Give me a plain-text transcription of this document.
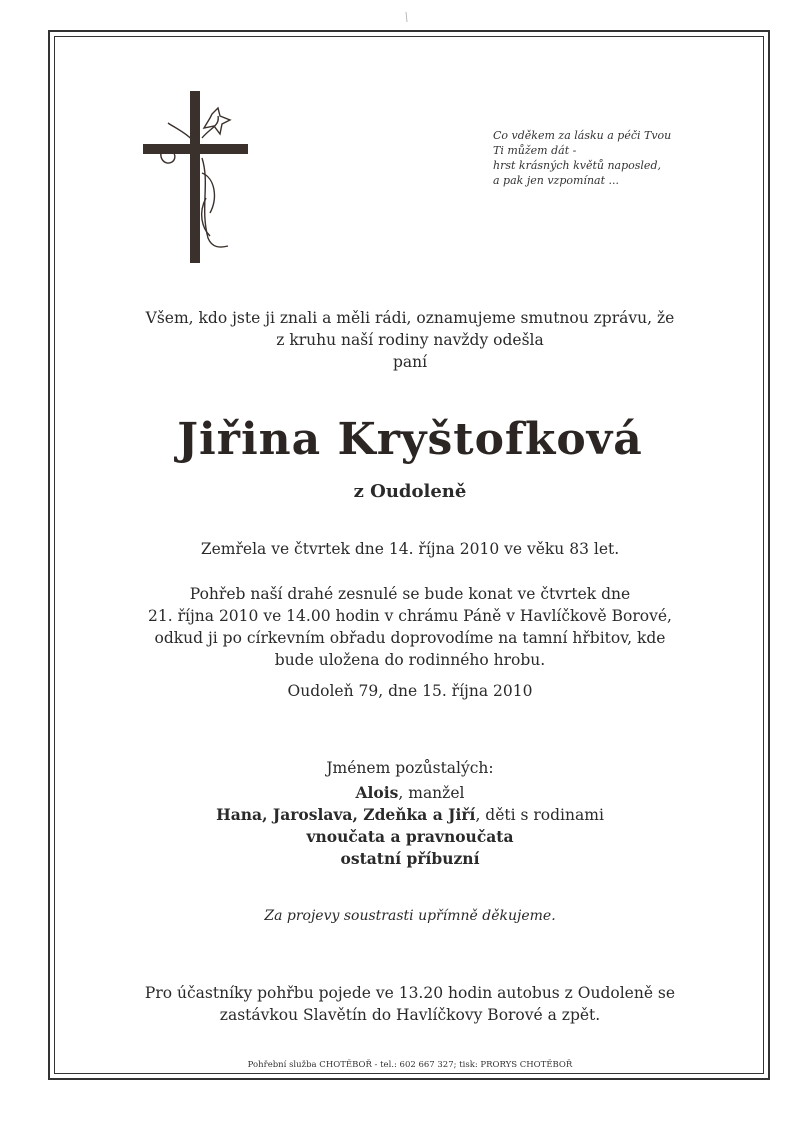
Co vděkem za lásku a péči Tvou
Ti můžem dát -
hrst krásných květů naposled,
a pak jen vzpomínat ...
Všem, kdo jste ji znali a měli rádi, oznamujeme smutnou zprávu, že
z kruhu naší rodiny navždy odešla
paní
Jiřina Kryštofková
z Oudoleně
Zemřela ve čtvrtek dne 14. října 2010 ve věku 83 let.
Pohřeb naší drahé zesnulé se bude konat ve čtvrtek dne
21. října 2010 ve 14.00 hodin v chrámu Páně v Havlíčkově Borové,
odkud ji po církevním obřadu doprovodíme na tamní hřbitov, kde
bude uložena do rodinného hrobu.
Oudoleň 79, dne 15. října 2010
Jménem pozůstalých:
Alois, manžel
Hana, Jaroslava, Zdeňka a Jiří, děti s rodinami
vnoučata a pravnoučata
ostatní příbuzní
Za projevy soustrasti upřímně děkujeme.
Pro účastníky pohřbu pojede ve 13.20 hodin autobus z Oudoleně se
zastávkou Slavětín do Havlíčkovy Borové a zpět.
Pohřební služba CHOTĚBOŘ - tel.: 602 667 327; tisk: PRORYS CHOTĚBOŘ
